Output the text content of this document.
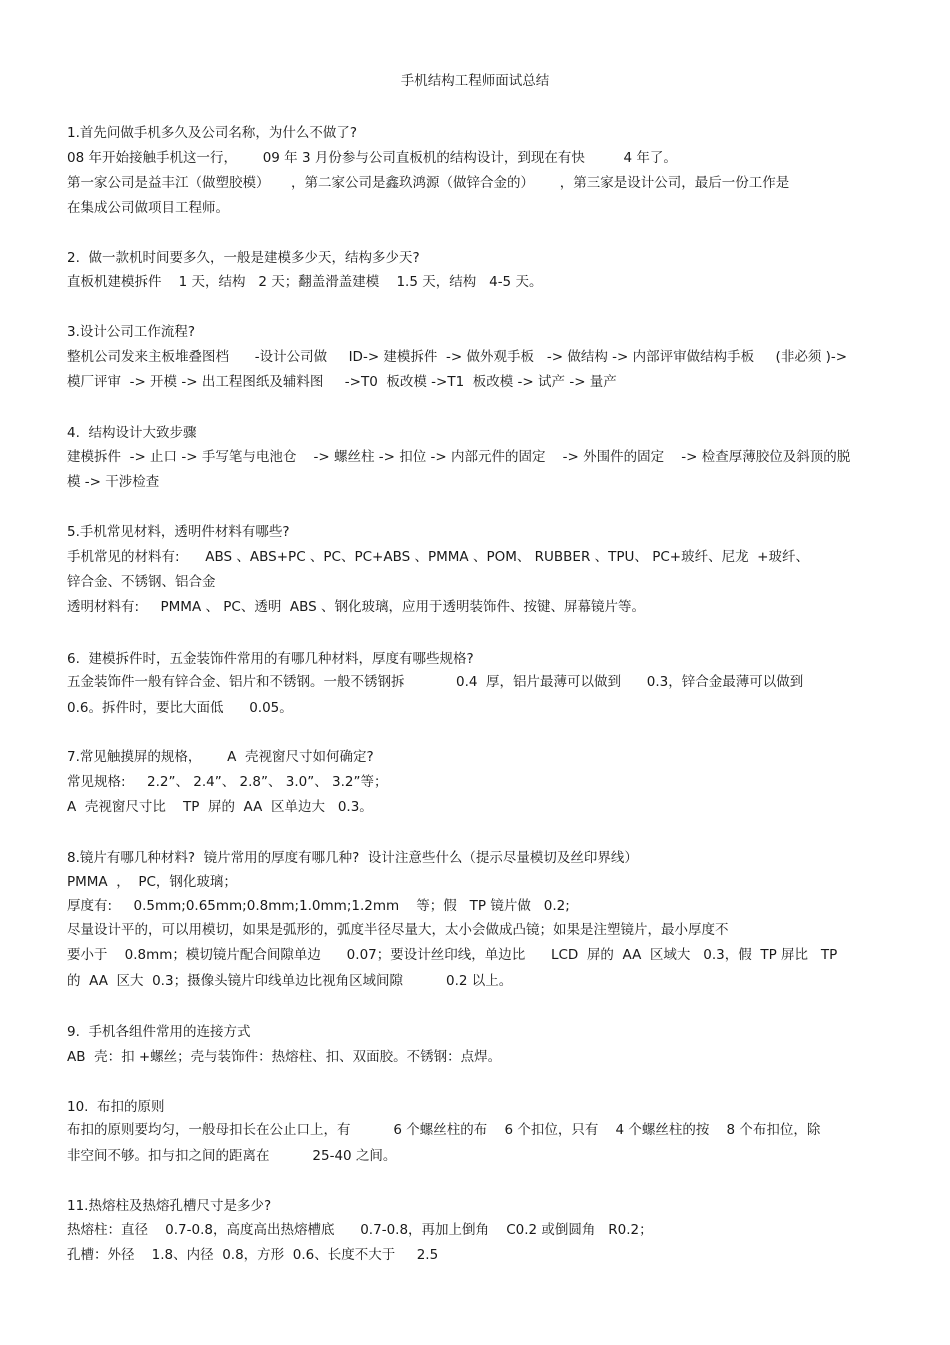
手机结构工程师面试总结
1.首先问做手机多久及公司名称，为什么不做了?
08 年开始接触手机这一行，      09 年 3 月份参与公司直板机的结构设计，到现在有快         4 年了。
第一家公司是益丰江（做塑胶模）     ，第二家公司是鑫玖鸿源（做锌合金的）      ，第三家是设计公司，最后一份工作是
在集成公司做项目工程师。
2.  做一款机时间要多久，一般是建模多少天，结构多少天?
直板机建模拆件    1 天，结构   2 天；翻盖滑盖建模    1.5 天，结构   4-5 天。
3.设计公司工作流程?
整机公司发来主板堆叠图档      -设计公司做     ID-> 建模拆件  -> 做外观手板   -> 做结构 -> 内部评审做结构手板     (非必须 )->
模厂评审  -> 开模 -> 出工程图纸及辅料图     ->T0  板改模 ->T1  板改模 -> 试产 -> 量产
4.  结构设计大致步骤
建模拆件  -> 止口 -> 手写笔与电池仓    -> 螺丝柱 -> 扣位 -> 内部元件的固定    -> 外围件的固定    -> 检查厚薄胶位及斜顶的脱
模 -> 干涉检查
5.手机常见材料，透明件材料有哪些?
手机常见的材料有:      ABS 、ABS+PC 、PC、PC+ABS 、PMMA 、POM、 RUBBER 、TPU、 PC+玻纤、尼龙  +玻纤、
锌合金、不锈钢、铝合金
透明材料有:     PMMA 、 PC、透明  ABS 、钢化玻璃，应用于透明装饰件、按键、屏幕镜片等。
6.  建模拆件时，五金装饰件常用的有哪几种材料，厚度有哪些规格?
五金装饰件一般有锌合金、铝片和不锈钢。一般不锈钢拆            0.4  厚，铝片最薄可以做到      0.3，锌合金最薄可以做到
0.6。拆件时，要比大面低      0.05。
7.常见触摸屏的规格，      A  壳视窗尺寸如何确定?
常见规格:     2.2”、 2.4”、 2.8”、 3.0”、 3.2”等；
A  壳视窗尺寸比    TP  屏的  AA  区单边大   0.3。
8.镜片有哪几种材料?  镜片常用的厚度有哪几种?  设计注意些什么（提示尽量模切及丝印界线）
PMMA  ，  PC，钢化玻璃；
厚度有:     0.5mm;0.65mm;0.8mm;1.0mm;1.2mm    等；假   TP 镜片做   0.2;
尽量设计平的，可以用模切，如果是弧形的，弧度半径尽量大，太小会做成凸镜；如果是注塑镜片，最小厚度不
要小于    0.8mm；模切镜片配合间隙单边      0.07；要设计丝印线，单边比      LCD  屏的  AA  区域大   0.3，假  TP 屏比   TP
的  AA  区大  0.3；摄像头镜片印线单边比视角区域间隙          0.2 以上。
9.  手机各组件常用的连接方式
AB  壳：扣 +螺丝；壳与装饰件：热熔柱、扣、双面胶。不锈钢：点焊。
10.  布扣的原则
布扣的原则要均匀，一般母扣长在公止口上，有          6 个螺丝柱的布    6 个扣位，只有    4 个螺丝柱的按    8 个布扣位，除
非空间不够。扣与扣之间的距离在          25-40 之间。
11.热熔柱及热熔孔槽尺寸是多少?
热熔柱：直径    0.7-0.8，高度高出热熔槽底      0.7-0.8，再加上倒角    C0.2 或倒圆角   R0.2；
孔槽：外径    1.8、内径  0.8，方形  0.6、长度不大于     2.5
